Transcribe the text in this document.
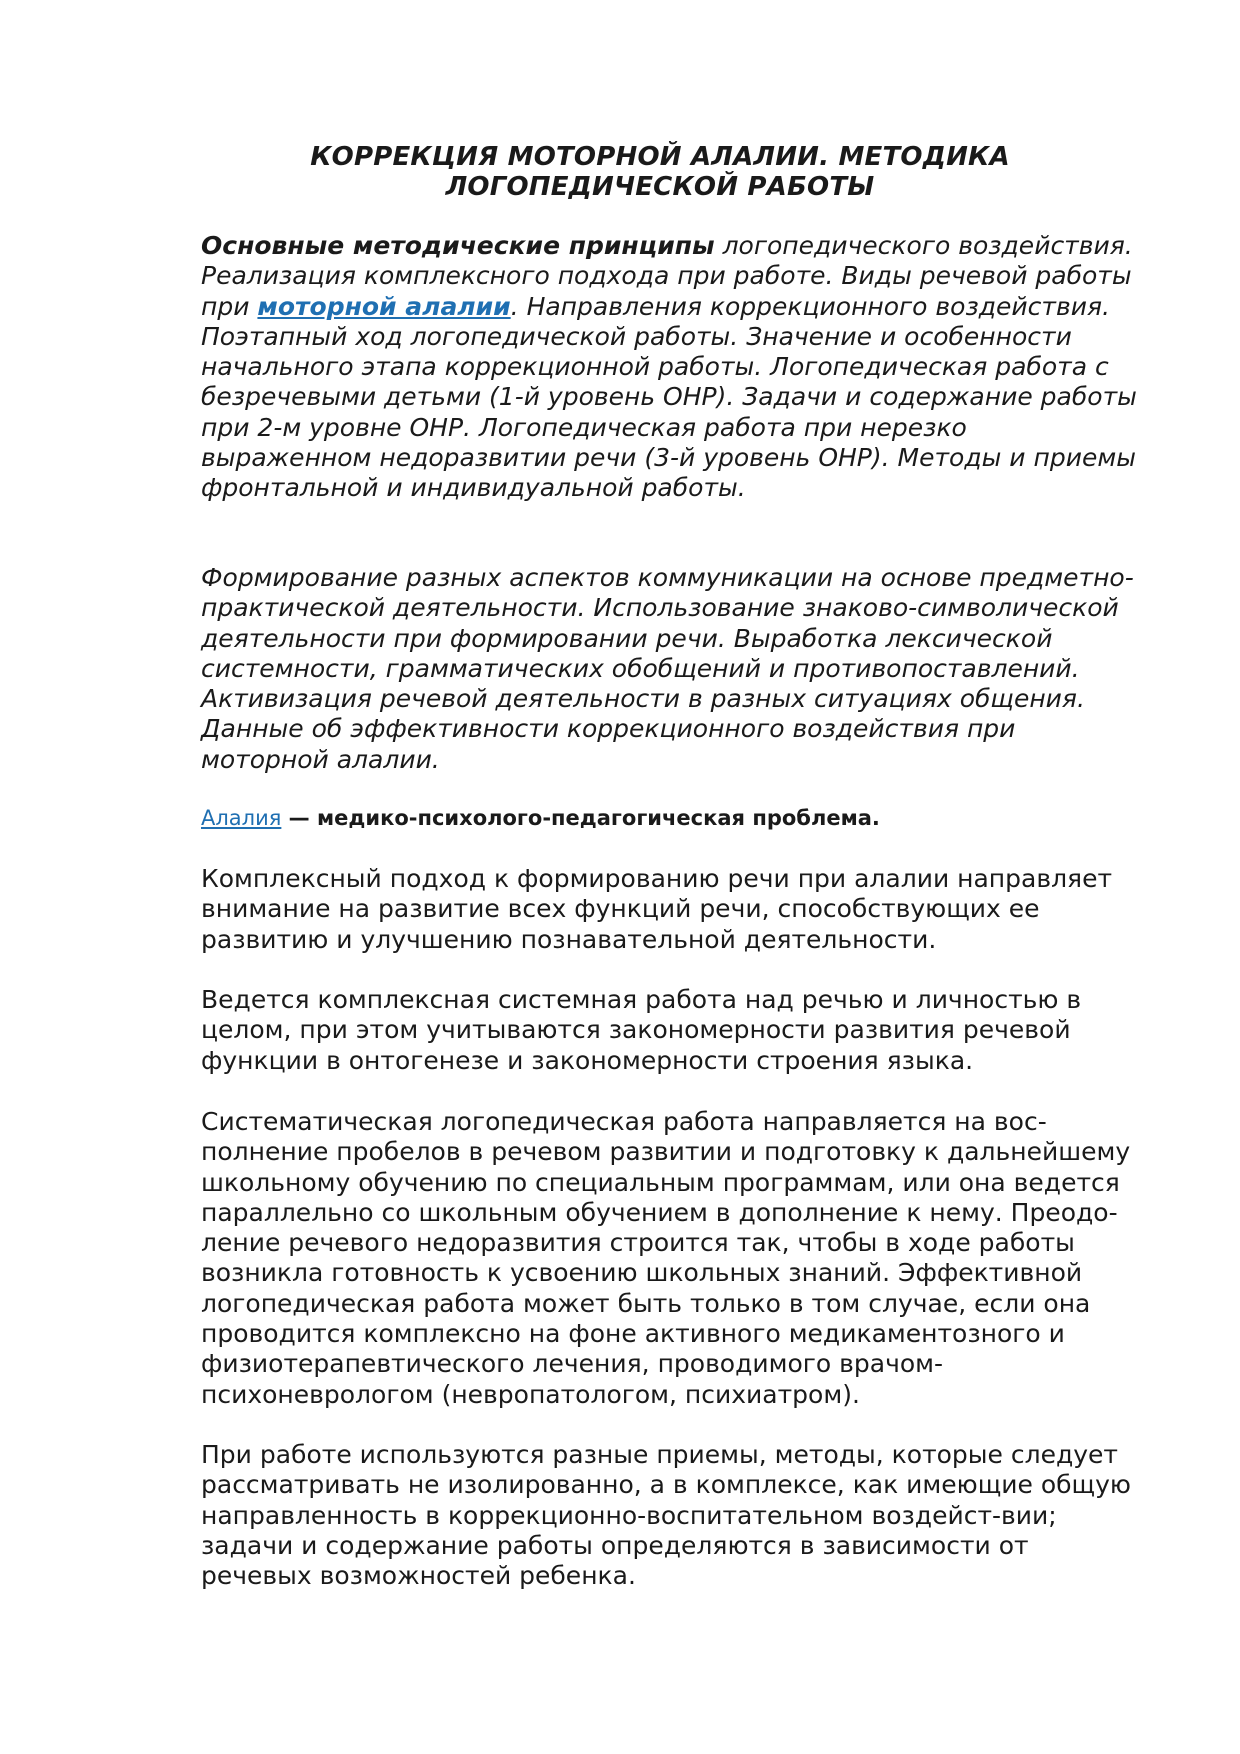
КОРРЕКЦИЯ МОТОРНОЙ АЛАЛИИ. МЕТОДИКА
ЛОГОПЕДИЧЕСКОЙ РАБОТЫ

Основные методические принципы логопедического воздействия. Реализация комплексного подхода при работе. Виды речевой работы при моторной алалии. Направления коррекционного воздействия. Поэтапный ход логопедической работы. Значение и особенности начального этапа коррекционной работы. Логопедическая работа с безречевыми детьми (1-й уровень ОНР). Задачи и содержание работы при 2-м уровне ОНР. Логопедическая работа при нерезко выраженном недоразвитии речи (3-й уровень ОНР). Методы и приемы фронтальной и индивидуальной работы.

Формирование разных аспектов коммуникации на основе предметно-практической деятельности. Использование знаково-символической деятельности при формировании речи. Выработка лексической системности, грамматических обобщений и противопоставлений. Активизация речевой деятельности в разных ситуациях общения. Данные об эффективности коррекционного воздействия при моторной алалии.

Алалия — медико-психолого-педагогическая проблема.

Комплексный подход к формированию речи при алалии направляет внимание на развитие всех функций речи, способствующих ее развитию и улучшению познавательной деятельности.

Ведется комплексная системная работа над речью и личностью в целом, при этом учитываются закономерности развития речевой функции в онтогенезе и закономерности строения языка.

Систематическая логопедическая работа направляется на вос-полнение пробелов в речевом развитии и подготовку к дальнейшему школьному обучению по специальным программам, или она ведется параллельно со школьным обучением в дополнение к нему. Преодо-ление речевого недоразвития строится так, чтобы в ходе работы возникла готовность к усвоению школьных знаний. Эффективной логопедическая работа может быть только в том случае, если она проводится комплексно на фоне активного медикаментозного и физиотерапевтического лечения, проводимого врачом-психоневрологом (невропатологом, психиатром).

При работе используются разные приемы, методы, которые следует рассматривать не изолированно, а в комплексе, как имеющие общую направленность в коррекционно-воспитательном воздейст-вии; задачи и содержание работы определяются в зависимости от речевых возможностей ребенка.
